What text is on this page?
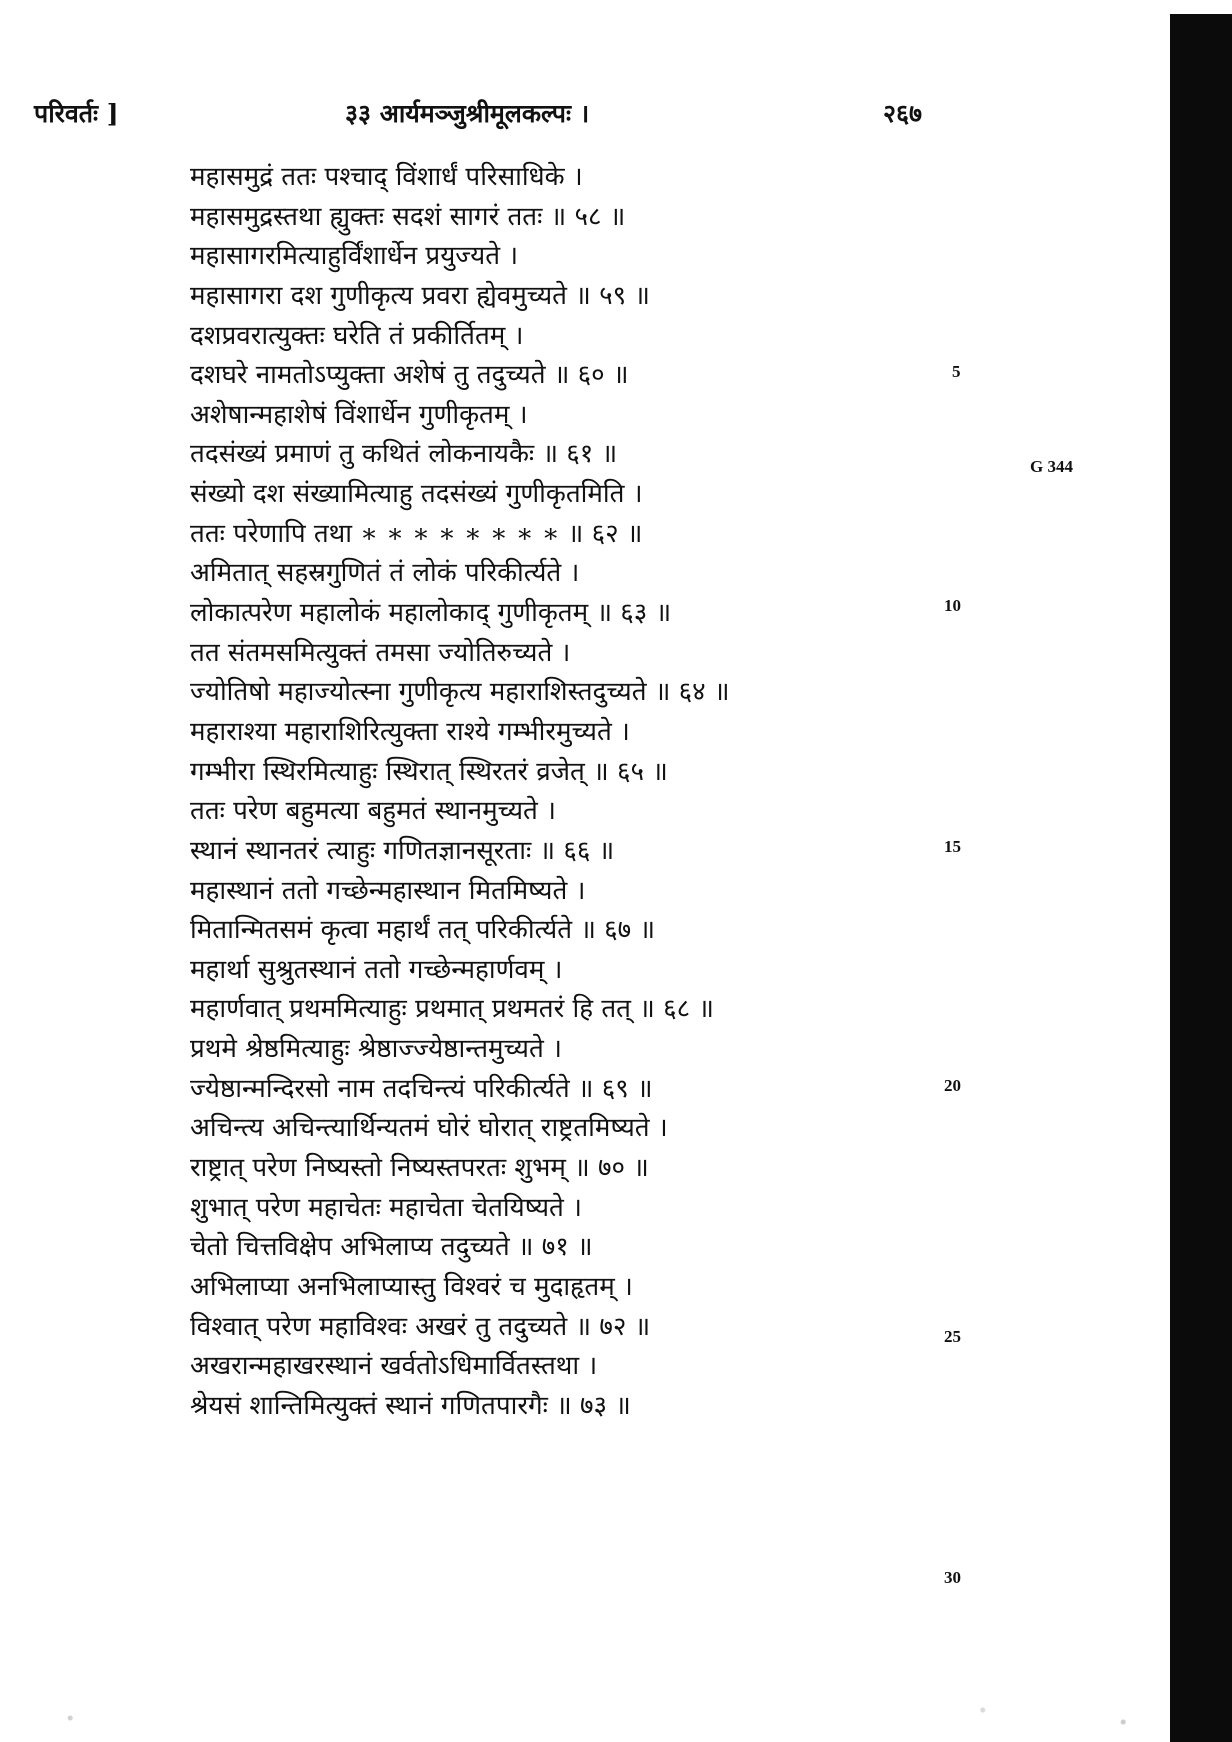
परिवर्तः ]	३३ आर्यमञ्जुश्रीमूलकल्पः ।	२६७
महासमुद्रं ततः पश्चाद् विंशार्धं परिसाधिके ।
महासमुद्रस्तथा ह्युक्तः सदशं सागरं ततः ॥ ५८ ॥
महासागरमित्याहुर्विंशार्धेन प्रयुज्यते ।
महासागरा दश गुणीकृत्य प्रवरा ह्येवमुच्यते ॥ ५९ ॥
दशप्रवरात्युक्तः घरेति तं प्रकीर्तितम् ।
दशघरे नामतोऽप्युक्ता अशेषं तु तदुच्यते ॥ ६० ॥
अशेषान्महाशेषं विंशार्धेन गुणीकृतम् ।
तदसंख्यं प्रमाणं तु कथितं लोकनायकैः ॥ ६१ ॥
संख्यो दश संख्यामित्याहु तदसंख्यं गुणीकृतमिति ।
ततः परेणापि तथा ∗ ∗ ∗ ∗ ∗ ∗ ∗ ∗ ॥ ६२ ॥
अमितात् सहस्रगुणितं तं लोकं परिकीर्त्यते ।
लोकात्परेण महालोकं महालोकाद् गुणीकृतम् ॥ ६३ ॥
तत संतमसमित्युक्तं तमसा ज्योतिरुच्यते ।
ज्योतिषो महाज्योत्स्ना गुणीकृत्य महाराशिस्तदुच्यते ॥ ६४ ॥
महाराश्या महाराशिरित्युक्ता राश्ये गम्भीरमुच्यते ।
गम्भीरा स्थिरमित्याहुः स्थिरात् स्थिरतरं व्रजेत् ॥ ६५ ॥
ततः परेण बहुमत्या बहुमतं स्थानमुच्यते ।
स्थानं स्थानतरं त्याहुः गणितज्ञानसूरताः ॥ ६६ ॥
महास्थानं ततो गच्छेन्महास्थान मितमिष्यते ।
मितान्मितसमं कृत्वा महार्थं तत् परिकीर्त्यते ॥ ६७ ॥
महार्था सुश्रुतस्थानं ततो गच्छेन्महार्णवम् ।
महार्णवात् प्रथममित्याहुः प्रथमात् प्रथमतरं हि तत् ॥ ६८ ॥
प्रथमे श्रेष्ठमित्याहुः श्रेष्ठाज्ज्येष्ठान्तमुच्यते ।
ज्येष्ठान्मन्दिरसो नाम तदचिन्त्यं परिकीर्त्यते ॥ ६९ ॥
अचिन्त्य अचिन्त्यार्थिन्यतमं घोरं घोरात् राष्ट्रतमिष्यते ।
राष्ट्रात् परेण निष्यस्तो निष्यस्तपरतः शुभम् ॥ ७० ॥
शुभात् परेण महाचेतः महाचेता चेतयिष्यते ।
चेतो चित्तविक्षेप अभिलाप्य तदुच्यते ॥ ७१ ॥
अभिलाप्या अनभिलाप्यास्तु विश्वरं च मुदाहृतम् ।
विश्वात् परेण महाविश्वः अखरं तु तदुच्यते ॥ ७२ ॥
अखरान्महाखरस्थानं खर्वतोऽधिमार्वितस्तथा ।
श्रेयसं शान्तिमित्युक्तं स्थानं गणितपारगैः ॥ ७३ ॥
5
G 344
10
15
20
25
30
